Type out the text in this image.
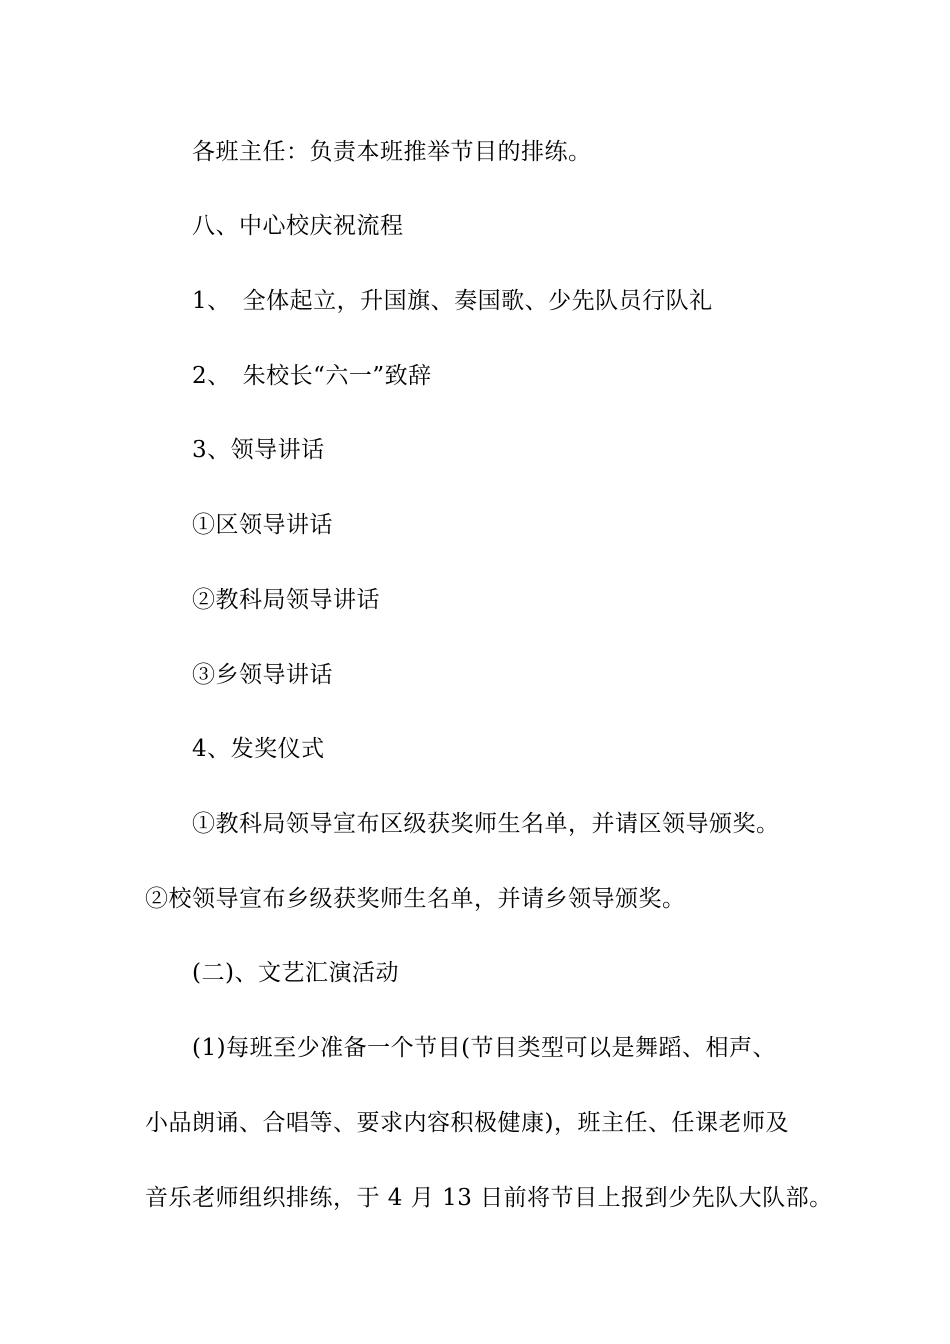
各班主任：负责本班推举节目的排练。

八、中心校庆祝流程

1、　全体起立，升国旗、奏国歌、少先队员行队礼

2、　朱校长“六一”致辞

3、领导讲话

①区领导讲话

②教科局领导讲话

③乡领导讲话

4、发奖仪式

①教科局领导宣布区级获奖师生名单，并请区领导颁奖。

②校领导宣布乡级获奖师生名单，并请乡领导颁奖。

(二)、文艺汇演活动

(1)每班至少准备一个节目(节目类型可以是舞蹈、相声、

小品朗诵、合唱等、要求内容积极健康)，班主任、任课老师及

音乐老师组织排练，于 4 月 13 日前将节目上报到少先队大队部。
